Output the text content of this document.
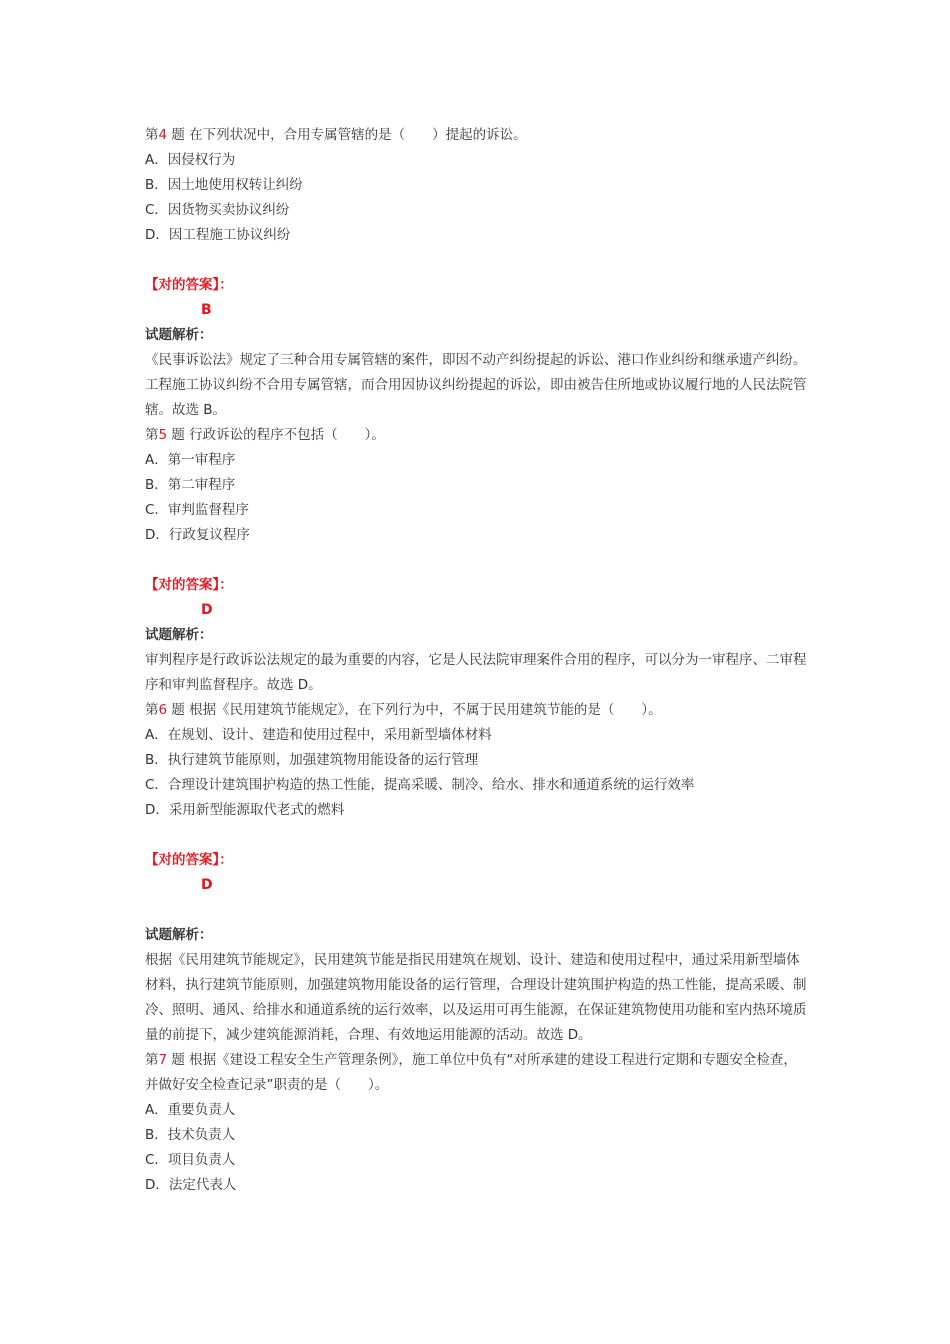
第4 题 在下列状况中，合用专属管辖的是（　　）提起的诉讼。
A．因侵权行为
B．因土地使用权转让纠纷
C．因货物买卖协议纠纷
D．因工程施工协议纠纷
【对的答案】：
B
试题解析：
《民事诉讼法》规定了三种合用专属管辖的案件，即因不动产纠纷提起的诉讼、港口作业纠纷和继承遗产纠纷。工程施工协议纠纷不合用专属管辖，而合用因协议纠纷提起的诉讼，即由被告住所地或协议履行地的人民法院管辖。故选 B。
第5 题 行政诉讼的程序不包括（　　）。
A．第一审程序
B．第二审程序
C．审判监督程序
D．行政复议程序
【对的答案】：
D
试题解析：
审判程序是行政诉讼法规定的最为重要的内容，它是人民法院审理案件合用的程序，可以分为一审程序、二审程序和审判监督程序。故选 D。
第6 题 根据《民用建筑节能规定》，在下列行为中，不属于民用建筑节能的是（　　）。
A．在规划、设计、建造和使用过程中，采用新型墙体材料
B．执行建筑节能原则，加强建筑物用能设备的运行管理
C．合理设计建筑围护构造的热工性能，提高采暖、制冷、给水、排水和通道系统的运行效率
D．采用新型能源取代老式的燃料
【对的答案】：
D
试题解析：
根据《民用建筑节能规定》，民用建筑节能是指民用建筑在规划、设计、建造和使用过程中，通过采用新型墙体材料，执行建筑节能原则，加强建筑物用能设备的运行管理，合理设计建筑围护构造的热工性能，提高采暖、制冷、照明、通风、给排水和通道系统的运行效率，以及运用可再生能源，在保证建筑物使用功能和室内热环境质量的前提下，减少建筑能源消耗，合理、有效地运用能源的活动。故选 D。
第7 题 根据《建设工程安全生产管理条例》，施工单位中负有“对所承建的建设工程进行定期和专题安全检查，并做好安全检查记录”职责的是（　　）。
A．重要负责人
B．技术负责人
C．项目负责人
D．法定代表人
